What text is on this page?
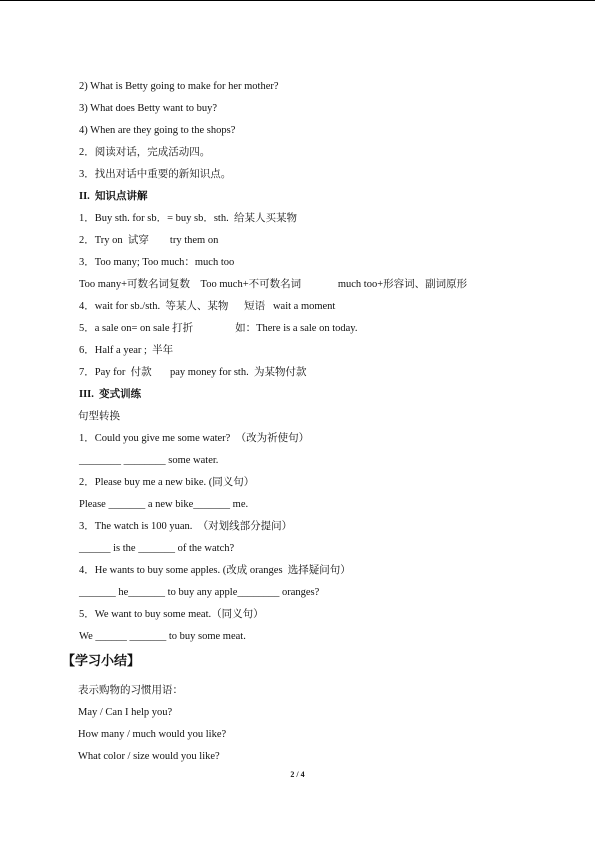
2) What is Betty going to make for her mother?
3) What does Betty want to buy?
4) When are they going to the shops?
2．阅读对话，完成活动四。
3．找出对话中重要的新知识点。
II.  知识点讲解
1．Buy sth. for sb．= buy sb．sth.  给某人买某物
2．Try on  试穿        try them on
3．Too many; Too much：much too
Too many+可数名词复数    Too much+不可数名词              much too+形容词、副词原形
4．wait for sb./sth.  等某人、某物      短语   wait a moment
5．a sale on= on sale 打折                如：There is a sale on today.
6．Half a year ;  半年
7．Pay for  付款       pay money for sth.  为某物付款
III.  变式训练
句型转换
1．Could you give me some water?  （改为祈使句）
________ ________ some water.
2．Please buy me a new bike. (同义句）
Please _______ a new bike_______ me.
3．The watch is 100 yuan.  （对划线部分提问）
______ is the _______ of the watch?
4．He wants to buy some apples. (改成 oranges  选择疑问句）
_______ he_______ to buy any apple________ oranges?
5．We want to buy some meat.（同义句）
We ______ _______ to buy some meat.
【学习小结】
表示购物的习惯用语：
May / Can I help you?
How many / much would you like?
What color / size would you like?
2 / 4
